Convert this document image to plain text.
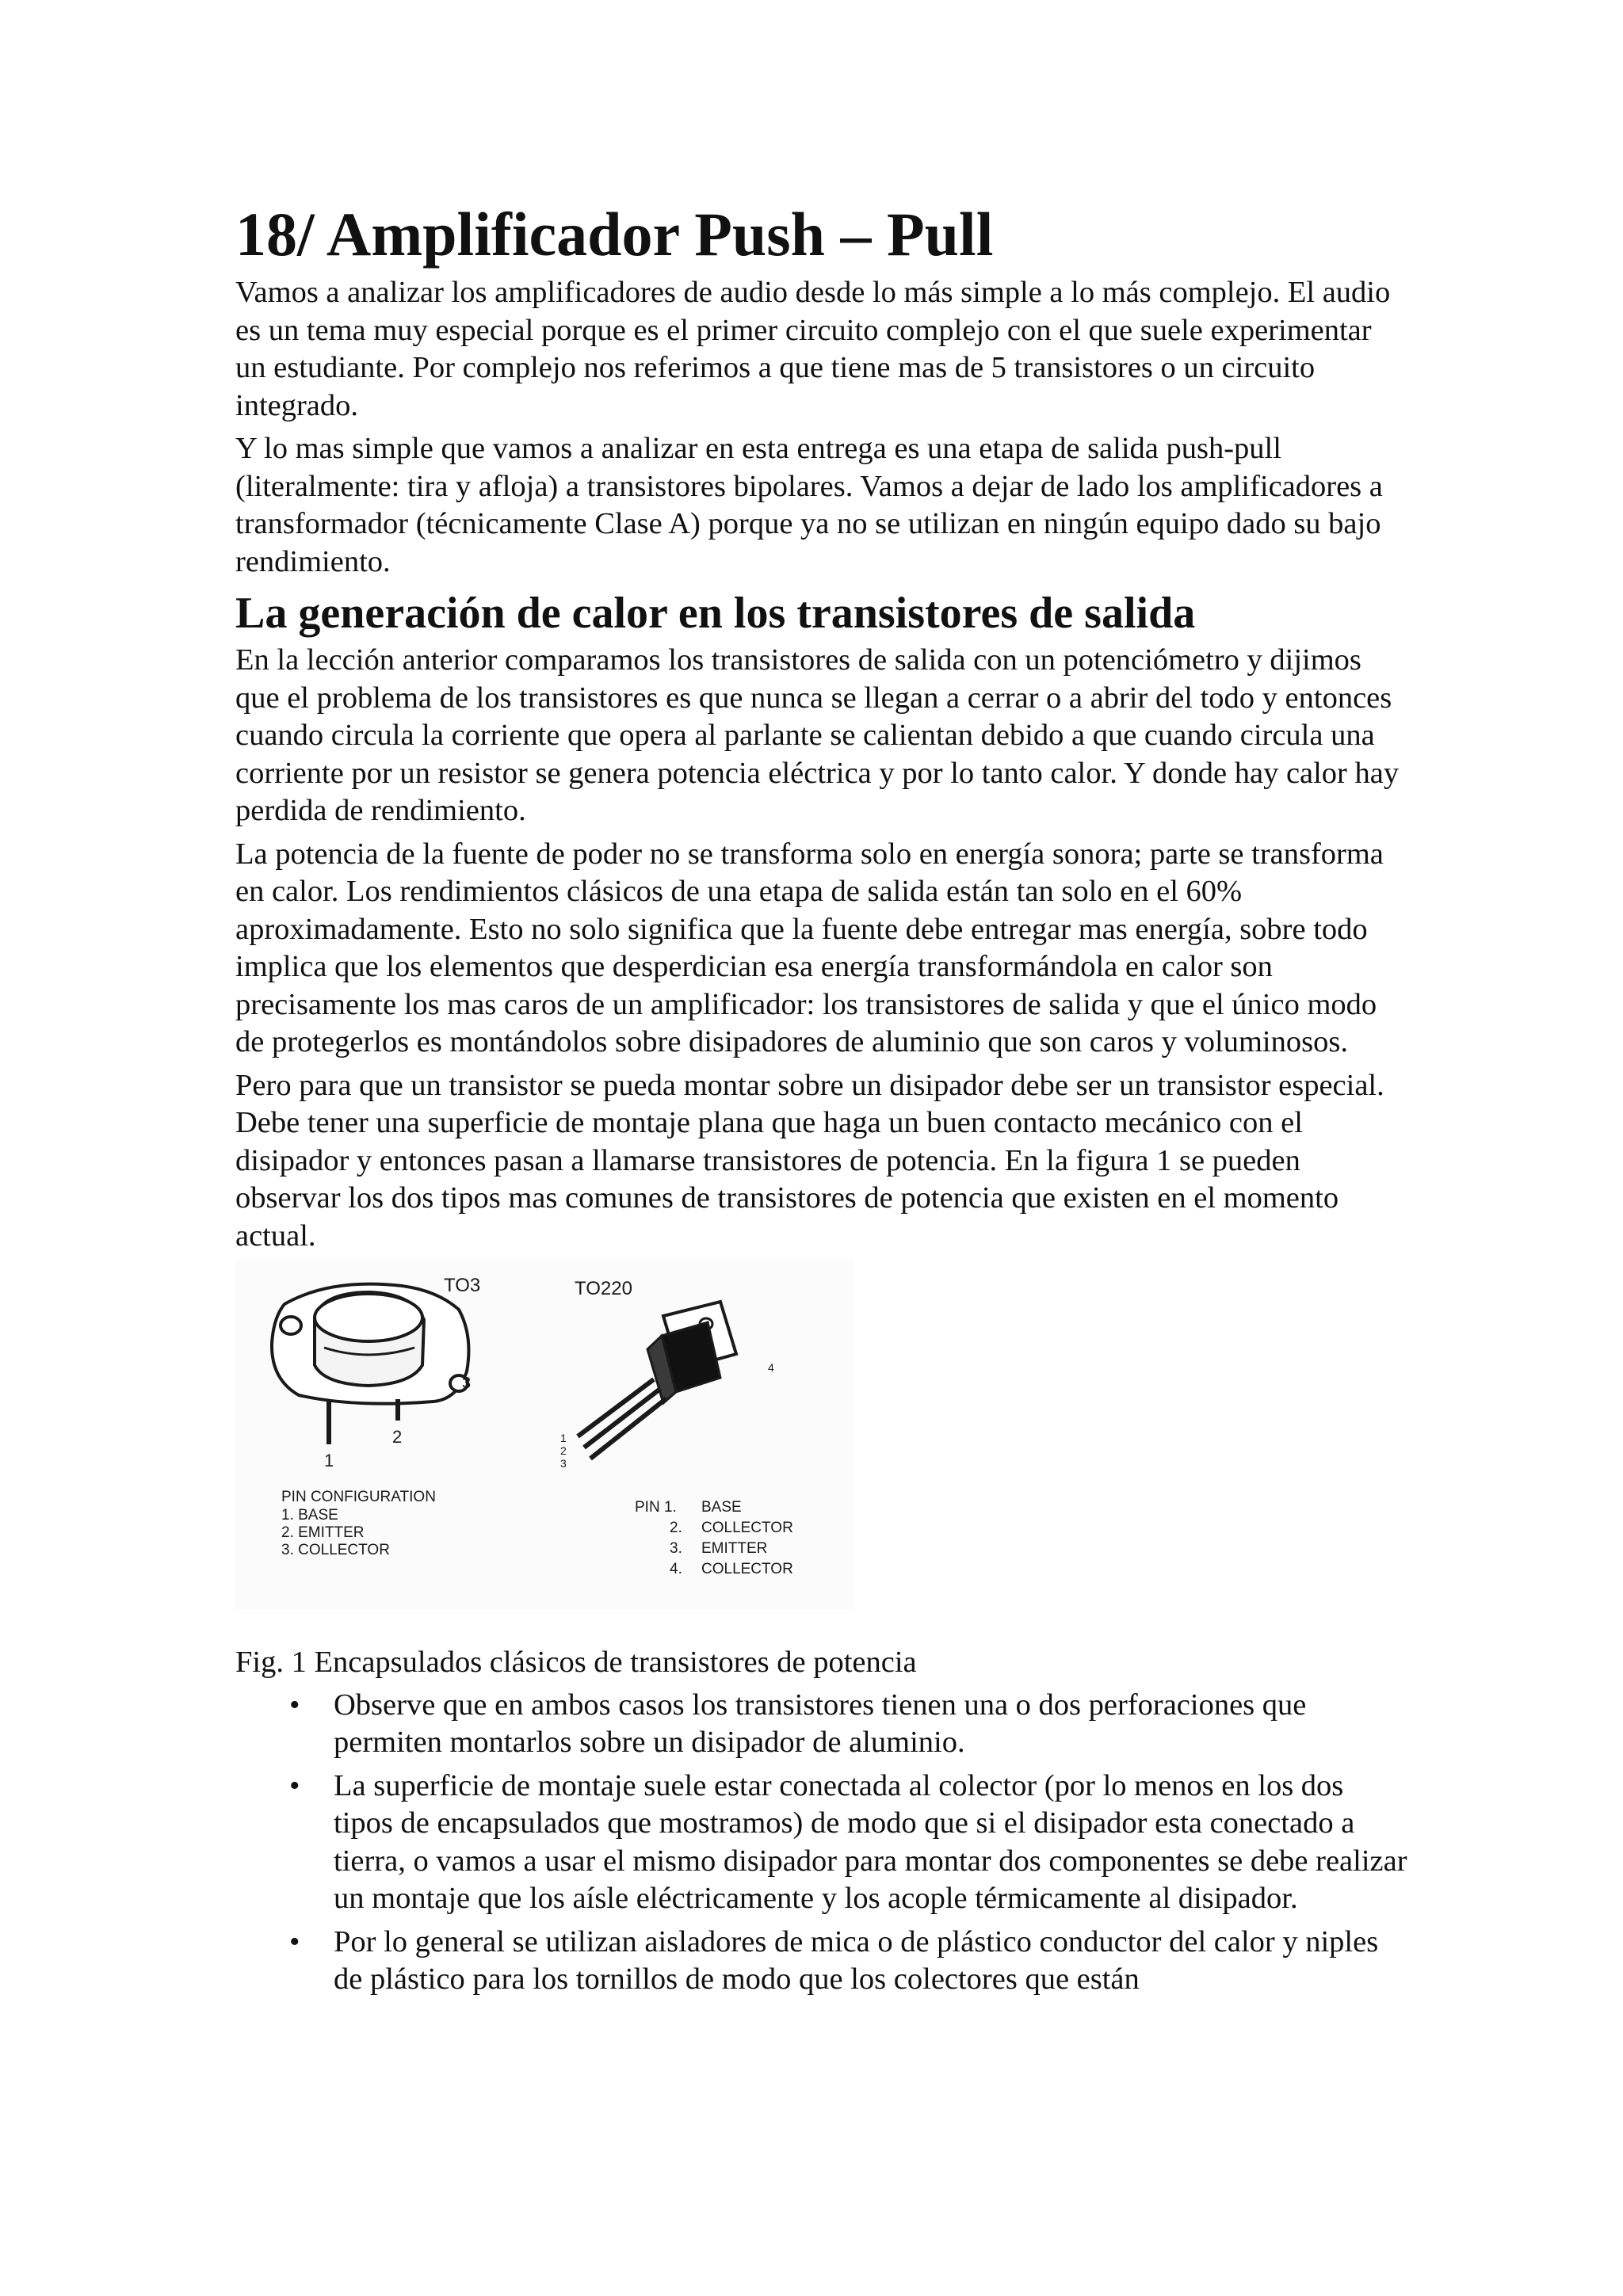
18/ Amplificador Push – Pull

Vamos a analizar los amplificadores de audio desde lo más simple a lo más complejo. El audio es un tema muy especial porque es el primer circuito complejo con el que suele experimentar un estudiante. Por complejo nos referimos a que tiene mas de 5 transistores o un circuito integrado.

Y lo mas simple que vamos a analizar en esta entrega es una etapa de salida push-pull (literalmente: tira y afloja) a transistores bipolares. Vamos a dejar de lado los amplificadores a transformador (técnicamente Clase A) porque ya no se utilizan en ningún equipo dado su bajo rendimiento.

La generación de calor en los transistores de salida

En la lección anterior comparamos los transistores de salida con un potenciómetro y dijimos que el problema de los transistores es que nunca se llegan a cerrar o a abrir del todo y entonces cuando circula la corriente que opera al parlante se calientan debido a que cuando circula una corriente por un resistor se genera potencia eléctrica y por lo tanto calor. Y donde hay calor hay perdida de rendimiento.

La potencia de la fuente de poder no se transforma solo en energía sonora; parte se transforma en calor. Los rendimientos clásicos de una etapa de salida están tan solo en el 60% aproximadamente. Esto no solo significa que la fuente debe entregar mas energía, sobre todo implica que los elementos que desperdician esa energía transformándola en calor son precisamente los mas caros de un amplificador: los transistores de salida y que el único modo de protegerlos es montándolos sobre disipadores de aluminio que son caros y voluminosos.

Pero para que un transistor se pueda montar sobre un disipador debe ser un transistor especial. Debe tener una superficie de montaje plana que haga un buen contacto mecánico con el disipador y entonces pasan a llamarse transistores de potencia. En la figura 1 se pueden observar los dos tipos mas comunes de transistores de potencia que existen en el momento actual.

TO3
3
2
1
PIN CONFIGURATION
1. BASE
2. EMITTER
3. COLLECTOR
TO220
4
1
2
3
PIN 1. BASE
2. COLLECTOR
3. EMITTER
4. COLLECTOR

Fig. 1 Encapsulados clásicos de transistores de potencia

• Observe que en ambos casos los transistores tienen una o dos perforaciones que permiten montarlos sobre un disipador de aluminio.
• La superficie de montaje suele estar conectada al colector (por lo menos en los dos tipos de encapsulados que mostramos) de modo que si el disipador esta conectado a tierra, o vamos a usar el mismo disipador para montar dos componentes se debe realizar un montaje que los aísle eléctricamente y los acople térmicamente al disipador.
• Por lo general se utilizan aisladores de mica o de plástico conductor del calor y niples de plástico para los tornillos de modo que los colectores que están
